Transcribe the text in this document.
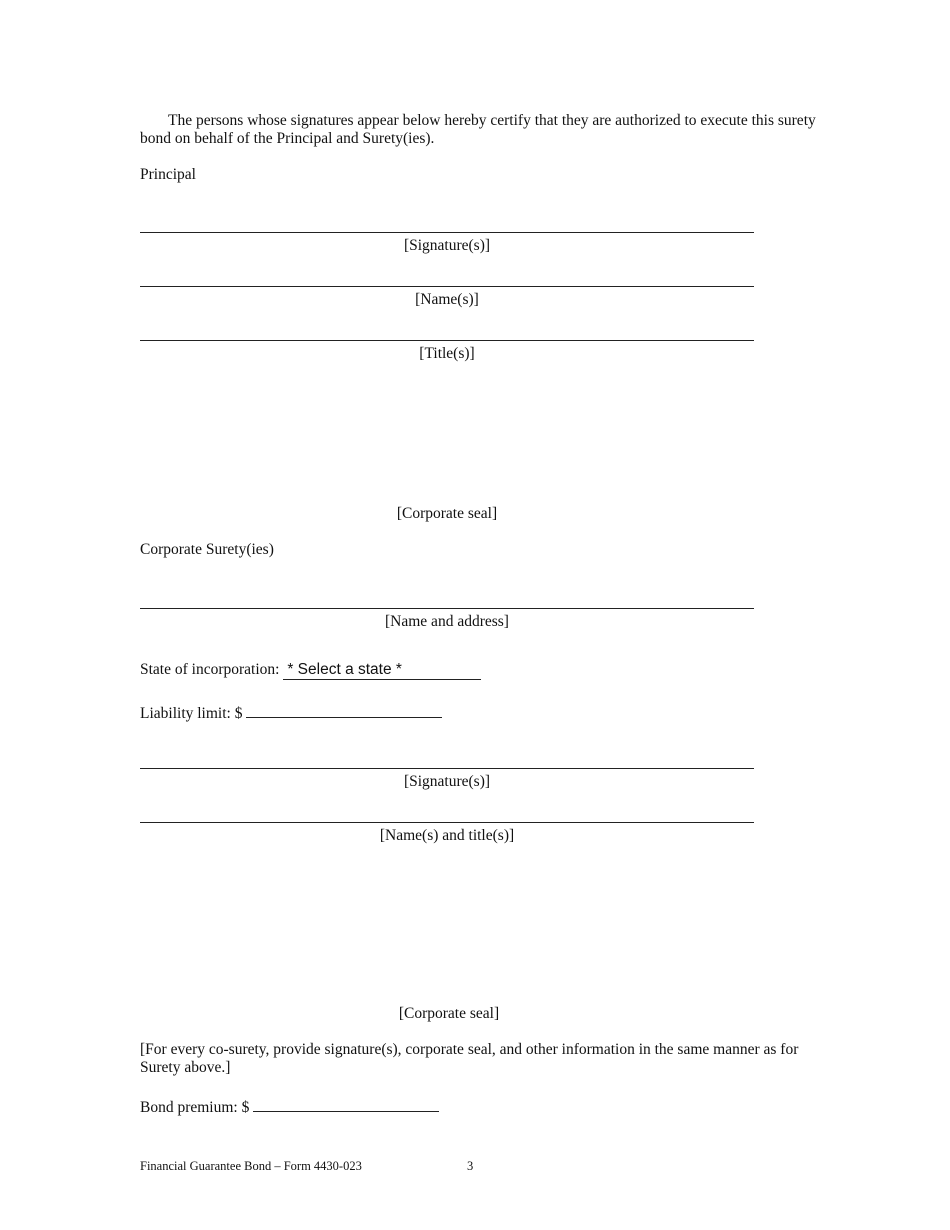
The persons whose signatures appear below hereby certify that they are authorized to execute this surety bond on behalf of the Principal and Surety(ies).
Principal
[Signature(s)]
[Name(s)]
[Title(s)]
[Corporate seal]
Corporate Surety(ies)
[Name and address]
State of incorporation: * Select a state *
Liability limit: $
[Signature(s)]
[Name(s) and title(s)]
[Corporate seal]
[For every co-surety, provide signature(s), corporate seal, and other information in the same manner as for Surety above.]
Bond premium: $
Financial Guarantee Bond – Form 4430-023	3
